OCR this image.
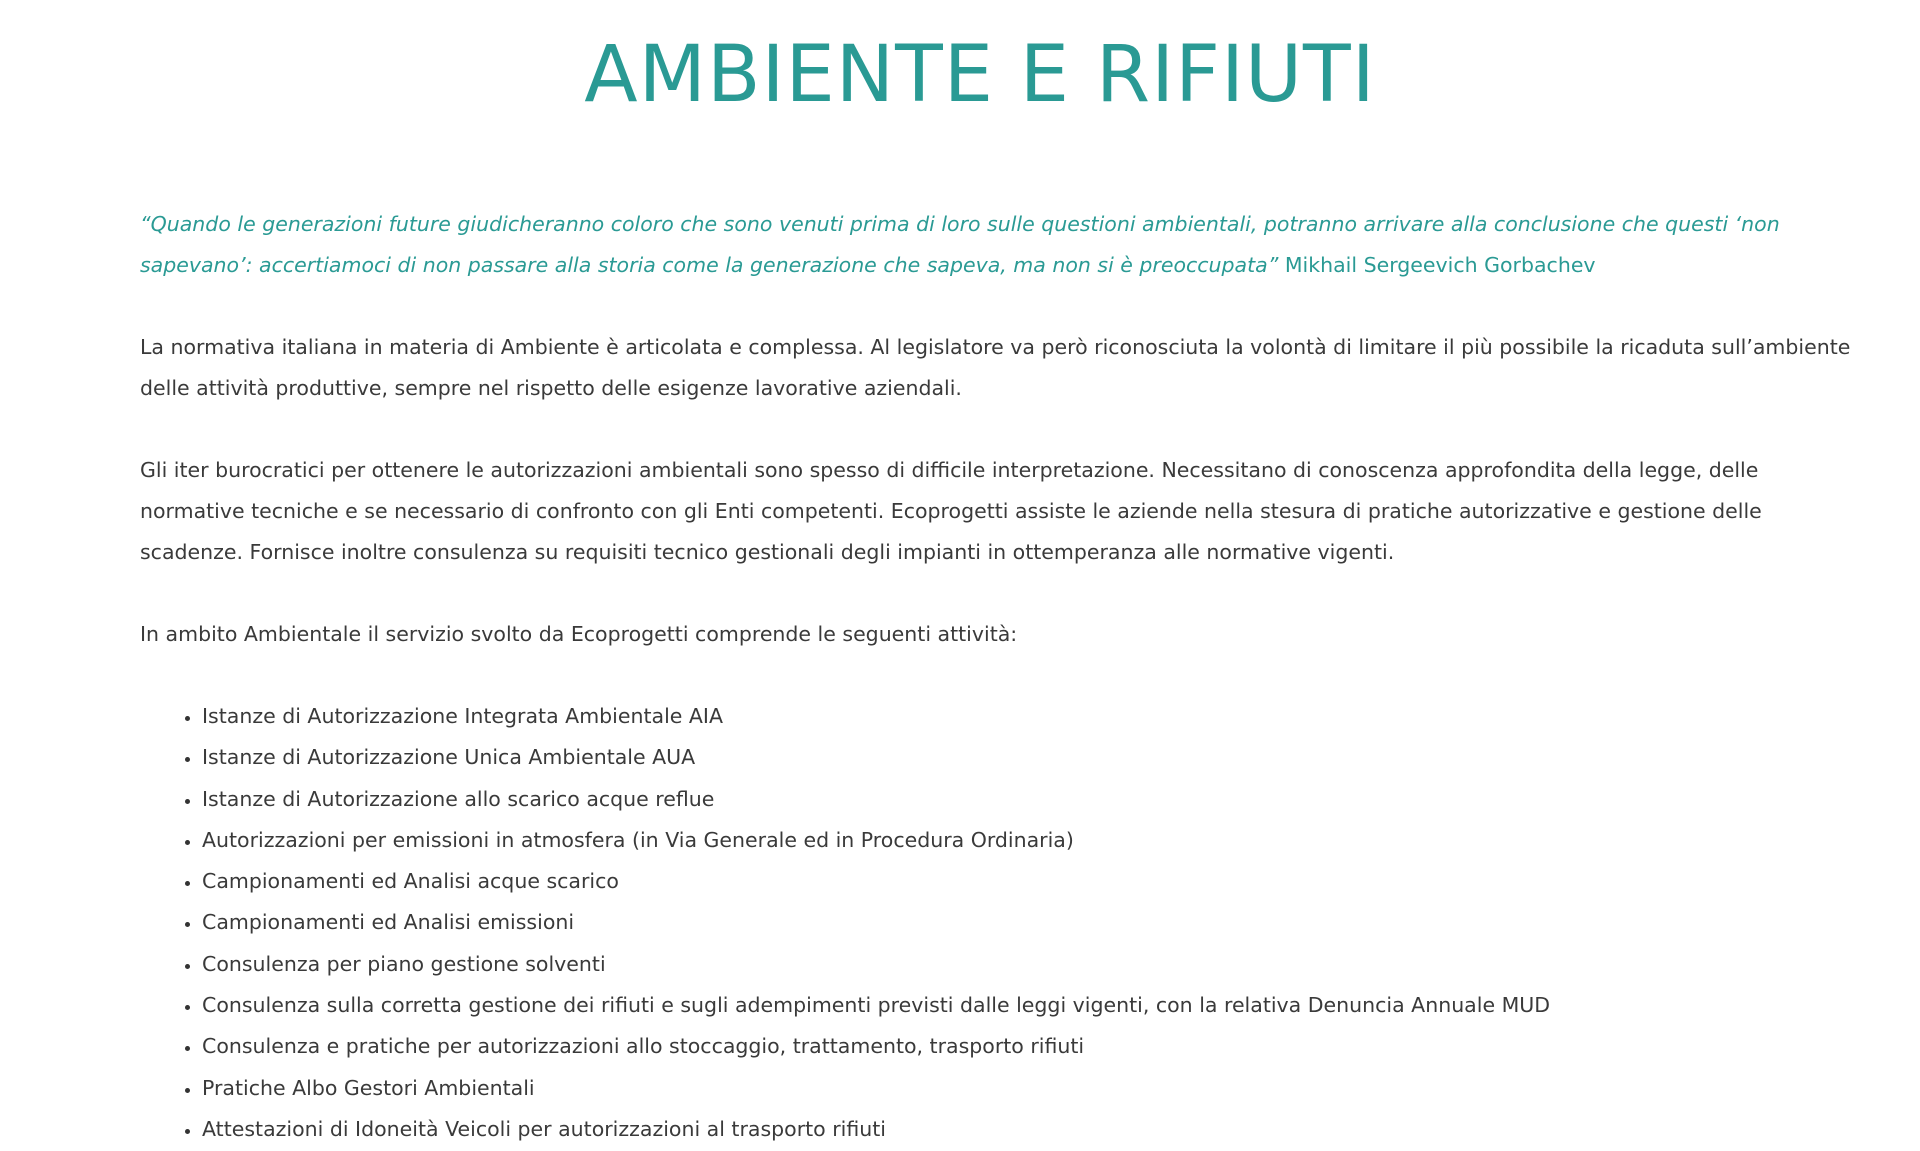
AMBIENTE E RIFIUTI

“Quando le generazioni future giudicheranno coloro che sono venuti prima di loro sulle questioni ambientali, potranno arrivare alla conclusione che questi ‘non sapevano’: accertiamoci di non passare alla storia come la generazione che sapeva, ma non si è preoccupata” Mikhail Sergeevich Gorbachev

La normativa italiana in materia di Ambiente è articolata e complessa. Al legislatore va però riconosciuta la volontà di limitare il più possibile la ricaduta sull’ambiente delle attività produttive, sempre nel rispetto delle esigenze lavorative aziendali.

Gli iter burocratici per ottenere le autorizzazioni ambientali sono spesso di difficile interpretazione. Necessitano di conoscenza approfondita della legge, delle normative tecniche e se necessario di confronto con gli Enti competenti. Ecoprogetti assiste le aziende nella stesura di pratiche autorizzative e gestione delle scadenze. Fornisce inoltre consulenza su requisiti tecnico gestionali degli impianti in ottemperanza alle normative vigenti.

In ambito Ambientale il servizio svolto da Ecoprogetti comprende le seguenti attività:

• Istanze di Autorizzazione Integrata Ambientale AIA
• Istanze di Autorizzazione Unica Ambientale AUA
• Istanze di Autorizzazione allo scarico acque reflue
• Autorizzazioni per emissioni in atmosfera (in Via Generale ed in Procedura Ordinaria)
• Campionamenti ed Analisi acque scarico
• Campionamenti ed Analisi emissioni
• Consulenza per piano gestione solventi
• Consulenza sulla corretta gestione dei rifiuti e sugli adempimenti previsti dalle leggi vigenti, con la relativa Denuncia Annuale MUD
• Consulenza e pratiche per autorizzazioni allo stoccaggio, trattamento, trasporto rifiuti
• Pratiche Albo Gestori Ambientali
• Attestazioni di Idoneità Veicoli per autorizzazioni al trasporto rifiuti
